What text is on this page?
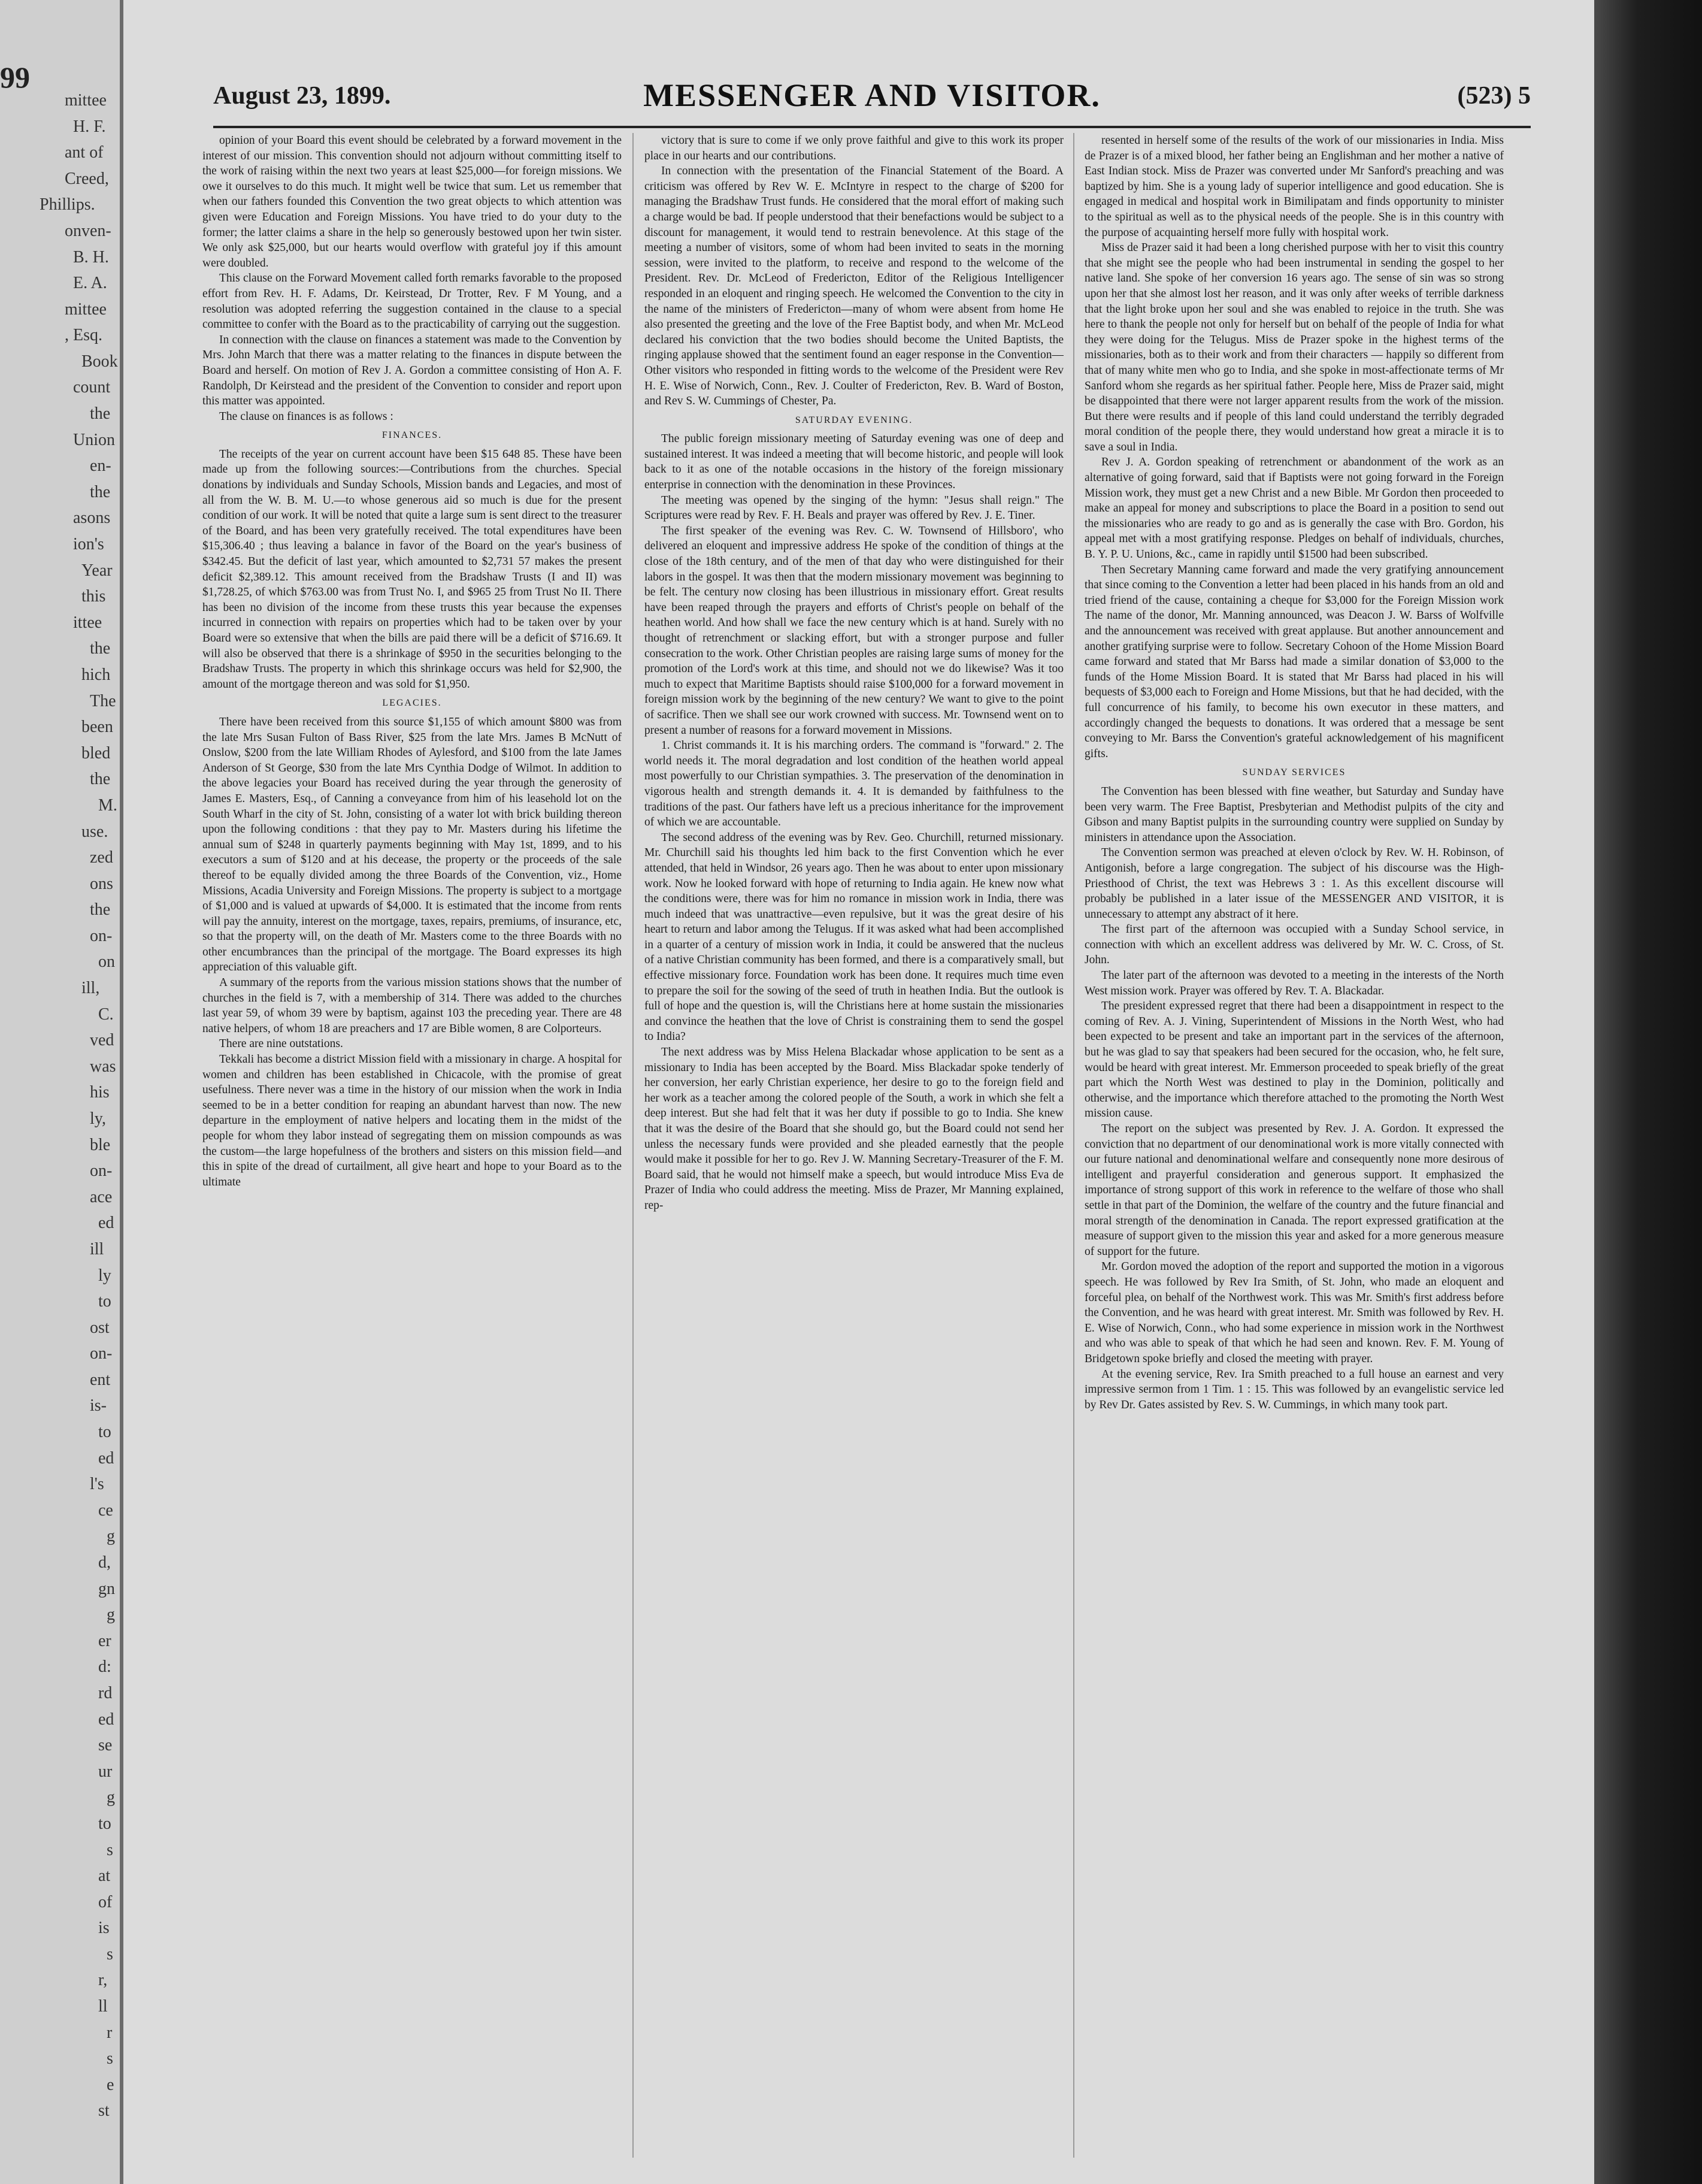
99
mittee
H. F.
ant of
Creed,
Phillips.
onven-
B. H.
E. A.
mittee
, Esq.
Book
count
the
Union
en-
the
asons
ion's
Year
this
ittee
the
hich
The
been
bled
the
M.
use.
zed
ons
the
on-
on
ill,
C.
ved
was
his
ly,
ble
on-
ace
ed
ill
ly
to
ost
on-
ent
is-
to
ed
l's
ce
g
d,
gn
g
er
d:
rd
ed
se
ur
g
to
s
at
of
is
s
r,
ll
r
s
e
st
August 23, 1899.	MESSENGER AND VISITOR.	(523) 5

opinion of your Board this event should be celebrated by a forward movement in the interest of our mission. This convention should not adjourn without committing itself to the work of raising within the next two years at least $25,000—for foreign missions. We owe it ourselves to do this much. It might well be twice that sum. Let us remember that when our fathers founded this Convention the two great objects to which attention was given were Education and Foreign Missions. You have tried to do your duty to the former; the latter claims a share in the help so generously bestowed upon her twin sister. We only ask $25,000, but our hearts would overflow with grateful joy if this amount were doubled.

This clause on the Forward Movement called forth remarks favorable to the proposed effort from Rev. H. F. Adams, Dr. Keirstead, Dr Trotter, Rev. F M Young, and a resolution was adopted referring the suggestion contained in the clause to a special committee to confer with the Board as to the practicability of carrying out the suggestion.

In connection with the clause on finances a statement was made to the Convention by Mrs. John March that there was a matter relating to the finances in dispute between the Board and herself. On motion of Rev J. A. Gordon a committee consisting of Hon A. F. Randolph, Dr Keirstead and the president of the Convention to consider and report upon this matter was appointed.

The clause on finances is as follows :

FINANCES.

The receipts of the year on current account have been $15 648 85. These have been made up from the following sources:—Contributions from the churches. Special donations by individuals and Sunday Schools, Mission bands and Legacies, and most of all from the W. B. M. U.—to whose generous aid so much is due for the present condition of our work. It will be noted that quite a large sum is sent direct to the treasurer of the Board, and has been very gratefully received. The total expenditures have been $15,306.40 ; thus leaving a balance in favor of the Board on the year's business of $342.45. But the deficit of last year, which amounted to $2,731 57 makes the present deficit $2,389.12. This amount received from the Bradshaw Trusts (I and II) was $1,728.25, of which $763.00 was from Trust No. I, and $965 25 from Trust No II. There has been no division of the income from these trusts this year because the expenses incurred in connection with repairs on properties which had to be taken over by your Board were so extensive that when the bills are paid there will be a deficit of $716.69. It will also be observed that there is a shrinkage of $950 in the securities belonging to the Bradshaw Trusts. The property in which this shrinkage occurs was held for $2,900, the amount of the mortgage thereon and was sold for $1,950.

LEGACIES.

There have been received from this source $1,155 of which amount $800 was from the late Mrs Susan Fulton of Bass River, $25 from the late Mrs. James B McNutt of Onslow, $200 from the late William Rhodes of Aylesford, and $100 from the late James Anderson of St George, $30 from the late Mrs Cynthia Dodge of Wilmot. In addition to the above legacies your Board has received during the year through the generosity of James E. Masters, Esq., of Canning a conveyance from him of his leasehold lot on the South Wharf in the city of St. John, consisting of a water lot with brick building thereon upon the following conditions : that they pay to Mr. Masters during his lifetime the annual sum of $248 in quarterly payments beginning with May 1st, 1899, and to his executors a sum of $120 and at his decease, the property or the proceeds of the sale thereof to be equally divided among the three Boards of the Convention, viz., Home Missions, Acadia University and Foreign Missions. The property is subject to a mortgage of $1,000 and is valued at upwards of $4,000. It is estimated that the income from rents will pay the annuity, interest on the mortgage, taxes, repairs, premiums, of insurance, etc, so that the property will, on the death of Mr. Masters come to the three Boards with no other encumbrances than the principal of the mortgage. The Board expresses its high appreciation of this valuable gift.

A summary of the reports from the various mission stations shows that the number of churches in the field is 7, with a membership of 314. There was added to the churches last year 59, of whom 39 were by baptism, against 103 the preceding year. There are 48 native helpers, of whom 18 are preachers and 17 are Bible women, 8 are Colporteurs.

There are nine outstations.

Tekkali has become a district Mission field with a missionary in charge. A hospital for women and children has been established in Chicacole, with the promise of great usefulness. There never was a time in the history of our mission when the work in India seemed to be in a better condition for reaping an abundant harvest than now. The new departure in the employment of native helpers and locating them in the midst of the people for whom they labor instead of segregating them on mission compounds as was the custom—the large hopefulness of the brothers and sisters on this mission field—and this in spite of the dread of curtailment, all give heart and hope to your Board as to the ultimate

victory that is sure to come if we only prove faithful and give to this work its proper place in our hearts and our contributions.

In connection with the presentation of the Financial Statement of the Board. A criticism was offered by Rev W. E. McIntyre in respect to the charge of $200 for managing the Bradshaw Trust funds. He considered that the moral effort of making such a charge would be bad. If people understood that their benefactions would be subject to a discount for management, it would tend to restrain benevolence. At this stage of the meeting a number of visitors, some of whom had been invited to seats in the morning session, were invited to the platform, to receive and respond to the welcome of the President. Rev. Dr. McLeod of Fredericton, Editor of the Religious Intelligencer responded in an eloquent and ringing speech. He welcomed the Convention to the city in the name of the ministers of Fredericton—many of whom were absent from home He also presented the greeting and the love of the Free Baptist body, and when Mr. McLeod declared his conviction that the two bodies should become the United Baptists, the ringing applause showed that the sentiment found an eager response in the Convention—Other visitors who responded in fitting words to the welcome of the President were Rev H. E. Wise of Norwich, Conn., Rev. J. Coulter of Fredericton, Rev. B. Ward of Boston, and Rev S. W. Cummings of Chester, Pa.

SATURDAY EVENING.

The public foreign missionary meeting of Saturday evening was one of deep and sustained interest. It was indeed a meeting that will become historic, and people will look back to it as one of the notable occasions in the history of the foreign missionary enterprise in connection with the denomination in these Provinces.

The meeting was opened by the singing of the hymn: "Jesus shall reign." The Scriptures were read by Rev. F. H. Beals and prayer was offered by Rev. J. E. Tiner.

The first speaker of the evening was Rev. C. W. Townsend of Hillsboro', who delivered an eloquent and impressive address He spoke of the condition of things at the close of the 18th century, and of the men of that day who were distinguished for their labors in the gospel. It was then that the modern missionary movement was beginning to be felt. The century now closing has been illustrious in missionary effort. Great results have been reaped through the prayers and efforts of Christ's people on behalf of the heathen world. And how shall we face the new century which is at hand. Surely with no thought of retrenchment or slacking effort, but with a stronger purpose and fuller consecration to the work. Other Christian peoples are raising large sums of money for the promotion of the Lord's work at this time, and should not we do likewise? Was it too much to expect that Maritime Baptists should raise $100,000 for a forward movement in foreign mission work by the beginning of the new century? We want to give to the point of sacrifice. Then we shall see our work crowned with success. Mr. Townsend went on to present a number of reasons for a forward movement in Missions.

1. Christ commands it. It is his marching orders. The command is "forward." 2. The world needs it. The moral degradation and lost condition of the heathen world appeal most powerfully to our Christian sympathies. 3. The preservation of the denomination in vigorous health and strength demands it. 4. It is demanded by faithfulness to the traditions of the past. Our fathers have left us a precious inheritance for the improvement of which we are accountable.

The second address of the evening was by Rev. Geo. Churchill, returned missionary. Mr. Churchill said his thoughts led him back to the first Convention which he ever attended, that held in Windsor, 26 years ago. Then he was about to enter upon missionary work. Now he looked forward with hope of returning to India again. He knew now what the conditions were, there was for him no romance in mission work in India, there was much indeed that was unattractive—even repulsive, but it was the great desire of his heart to return and labor among the Telugus. If it was asked what had been accomplished in a quarter of a century of mission work in India, it could be answered that the nucleus of a native Christian community has been formed, and there is a comparatively small, but effective missionary force. Foundation work has been done. It requires much time even to prepare the soil for the sowing of the seed of truth in heathen India. But the outlook is full of hope and the question is, will the Christians here at home sustain the missionaries and convince the heathen that the love of Christ is constraining them to send the gospel to India?

The next address was by Miss Helena Blackadar whose application to be sent as a missionary to India has been accepted by the Board. Miss Blackadar spoke tenderly of her conversion, her early Christian experience, her desire to go to the foreign field and her work as a teacher among the colored people of the South, a work in which she felt a deep interest. But she had felt that it was her duty if possible to go to India. She knew that it was the desire of the Board that she should go, but the Board could not send her unless the necessary funds were provided and she pleaded earnestly that the people would make it possible for her to go. Rev J. W. Manning Secretary-Treasurer of the F. M. Board said, that he would not himself make a speech, but would introduce Miss Eva de Prazer of India who could address the meeting. Miss de Prazer, Mr Manning explained, rep-

resented in herself some of the results of the work of our missionaries in India. Miss de Prazer is of a mixed blood, her father being an Englishman and her mother a native of East Indian stock. Miss de Prazer was converted under Mr Sanford's preaching and was baptized by him. She is a young lady of superior intelligence and good education. She is engaged in medical and hospital work in Bimilipatam and finds opportunity to minister to the spiritual as well as to the physical needs of the people. She is in this country with the purpose of acquainting herself more fully with hospital work.

Miss de Prazer said it had been a long cherished purpose with her to visit this country that she might see the people who had been instrumental in sending the gospel to her native land. She spoke of her conversion 16 years ago. The sense of sin was so strong upon her that she almost lost her reason, and it was only after weeks of terrible darkness that the light broke upon her soul and she was enabled to rejoice in the truth. She was here to thank the people not only for herself but on behalf of the people of India for what they were doing for the Telugus. Miss de Prazer spoke in the highest terms of the missionaries, both as to their work and from their characters — happily so different from that of many white men who go to India, and she spoke in most-affectionate terms of Mr Sanford whom she regards as her spiritual father. People here, Miss de Prazer said, might be disappointed that there were not larger apparent results from the work of the mission. But there were results and if people of this land could understand the terribly degraded moral condition of the people there, they would understand how great a miracle it is to save a soul in India.

Rev J. A. Gordon speaking of retrenchment or abandonment of the work as an alternative of going forward, said that if Baptists were not going forward in the Foreign Mission work, they must get a new Christ and a new Bible. Mr Gordon then proceeded to make an appeal for money and subscriptions to place the Board in a position to send out the missionaries who are ready to go and as is generally the case with Bro. Gordon, his appeal met with a most gratifying response. Pledges on behalf of individuals, churches, B. Y. P. U. Unions, &c., came in rapidly until $1500 had been subscribed.

Then Secretary Manning came forward and made the very gratifying announcement that since coming to the Convention a letter had been placed in his hands from an old and tried friend of the cause, containing a cheque for $3,000 for the Foreign Mission work The name of the donor, Mr. Manning announced, was Deacon J. W. Barss of Wolfville and the announcement was received with great applause. But another announcement and another gratifying surprise were to follow. Secretary Cohoon of the Home Mission Board came forward and stated that Mr Barss had made a similar donation of $3,000 to the funds of the Home Mission Board. It is stated that Mr Barss had placed in his will bequests of $3,000 each to Foreign and Home Missions, but that he had decided, with the full concurrence of his family, to become his own executor in these matters, and accordingly changed the bequests to donations. It was ordered that a message be sent conveying to Mr. Barss the Convention's grateful acknowledgement of his magnificent gifts.

SUNDAY SERVICES

The Convention has been blessed with fine weather, but Saturday and Sunday have been very warm. The Free Baptist, Presbyterian and Methodist pulpits of the city and Gibson and many Baptist pulpits in the surrounding country were supplied on Sunday by ministers in attendance upon the Association.

The Convention sermon was preached at eleven o'clock by Rev. W. H. Robinson, of Antigonish, before a large congregation. The subject of his discourse was the High-Priesthood of Christ, the text was Hebrews 3 : 1. As this excellent discourse will probably be published in a later issue of the MESSENGER AND VISITOR, it is unnecessary to attempt any abstract of it here.

The first part of the afternoon was occupied with a Sunday School service, in connection with which an excellent address was delivered by Mr. W. C. Cross, of St. John.

The later part of the afternoon was devoted to a meeting in the interests of the North West mission work. Prayer was offered by Rev. T. A. Blackadar.

The president expressed regret that there had been a disappointment in respect to the coming of Rev. A. J. Vining, Superintendent of Missions in the North West, who had been expected to be present and take an important part in the services of the afternoon, but he was glad to say that speakers had been secured for the occasion, who, he felt sure, would be heard with great interest. Mr. Emmerson proceeded to speak briefly of the great part which the North West was destined to play in the Dominion, politically and otherwise, and the importance which therefore attached to the promoting the North West mission cause.

The report on the subject was presented by Rev. J. A. Gordon. It expressed the conviction that no department of our denominational work is more vitally connected with our future national and denominational welfare and consequently none more desirous of intelligent and prayerful consideration and generous support. It emphasized the importance of strong support of this work in reference to the welfare of those who shall settle in that part of the Dominion, the welfare of the country and the future financial and moral strength of the denomination in Canada. The report expressed gratification at the measure of support given to the mission this year and asked for a more generous measure of support for the future.

Mr. Gordon moved the adoption of the report and supported the motion in a vigorous speech. He was followed by Rev Ira Smith, of St. John, who made an eloquent and forceful plea, on behalf of the Northwest work. This was Mr. Smith's first address before the Convention, and he was heard with great interest. Mr. Smith was followed by Rev. H. E. Wise of Norwich, Conn., who had some experience in mission work in the Northwest and who was able to speak of that which he had seen and known. Rev. F. M. Young of Bridgetown spoke briefly and closed the meeting with prayer.

At the evening service, Rev. Ira Smith preached to a full house an earnest and very impressive sermon from 1 Tim. 1 : 15. This was followed by an evangelistic service led by Rev Dr. Gates assisted by Rev. S. W. Cummings, in which many took part.
